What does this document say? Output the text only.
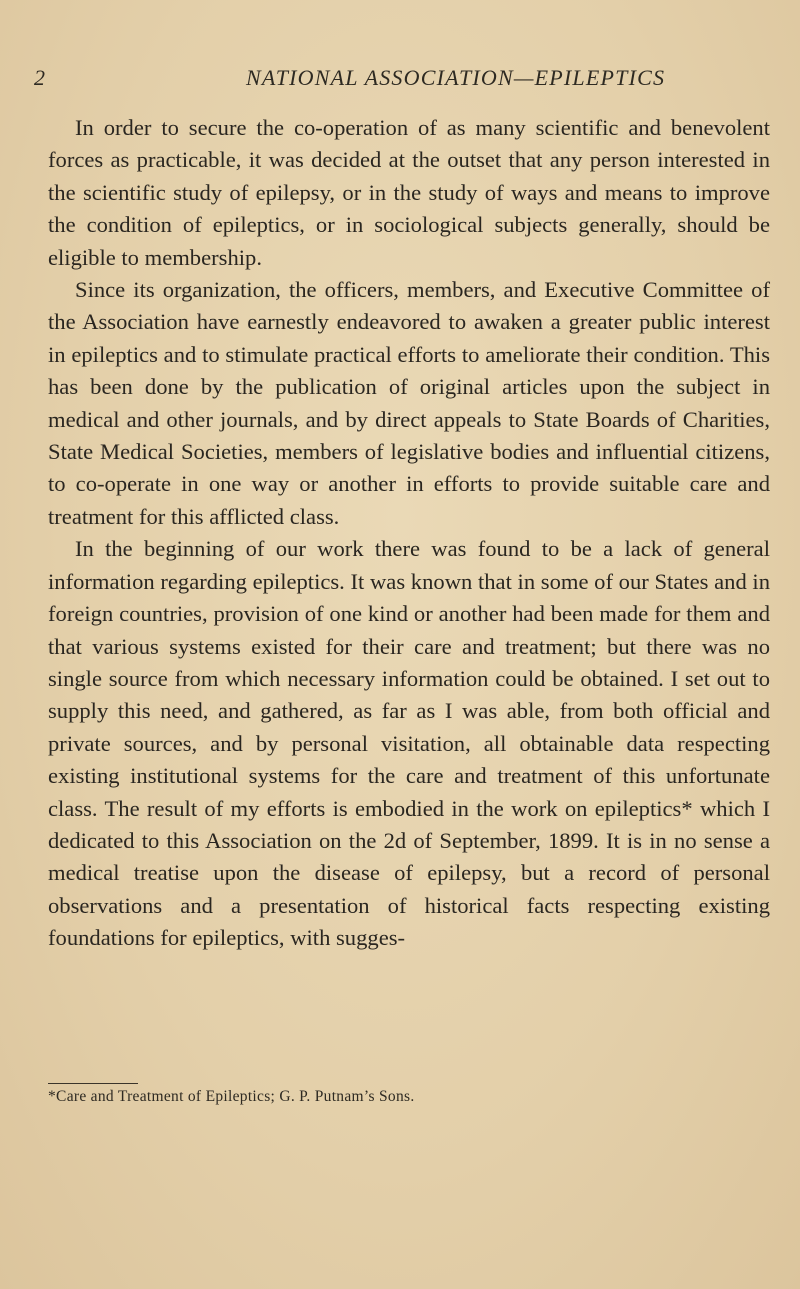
2	NATIONAL ASSOCIATION—EPILEPTICS

In order to secure the co-operation of as many scientific and benevolent forces as practicable, it was decided at the outset that any person interested in the scientific study of epilepsy, or in the study of ways and means to improve the condition of epileptics, or in sociological subjects generally, should be eligible to membership.

Since its organization, the officers, members, and Executive Committee of the Association have earnestly endeavored to awaken a greater public interest in epileptics and to stimulate practical efforts to ameliorate their condition. This has been done by the publication of original articles upon the subject in medical and other journals, and by direct appeals to State Boards of Charities, State Medical Societies, members of legislative bodies and influential citizens, to co-operate in one way or another in efforts to provide suitable care and treatment for this afflicted class.

In the beginning of our work there was found to be a lack of general information regarding epileptics. It was known that in some of our States and in foreign countries, provision of one kind or another had been made for them and that various systems existed for their care and treatment; but there was no single source from which necessary information could be obtained. I set out to supply this need, and gathered, as far as I was able, from both official and private sources, and by personal visitation, all obtainable data respecting existing institutional systems for the care and treatment of this unfortunate class. The result of my efforts is embodied in the work on epileptics* which I dedicated to this Association on the 2d of September, 1899. It is in no sense a medical treatise upon the disease of epilepsy, but a record of personal observations and a presentation of historical facts respecting existing foundations for epileptics, with sugges-

*Care and Treatment of Epileptics; G. P. Putnam’s Sons.
